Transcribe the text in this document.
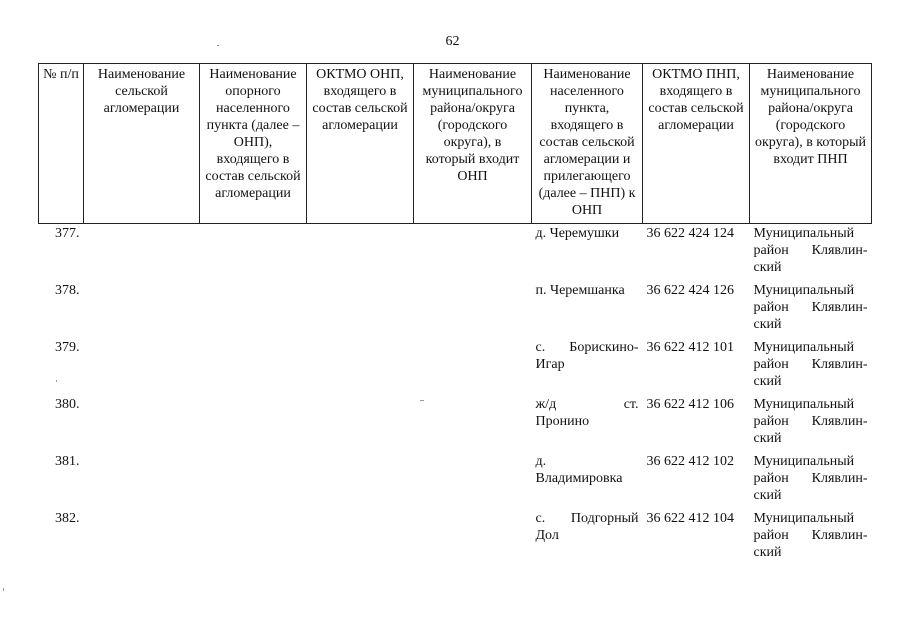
62
№ п/п	Наименование сельской агломерации	Наименование опорного населенного пункта (далее – ОНП), входящего в состав сельской агломерации	ОКТМО ОНП, входящего в состав сельской агломерации	Наименование муниципального района/округа (городского округа), в который входит ОНП	Наименование населенного пункта, входящего в состав сельской агломерации и прилегающего (далее – ПНП) к ОНП	ОКТМО ПНП, входящего в состав сельской агломерации	Наименование муниципального района/округа (городского округа), в который входит ПНП
377.					д. Черемушки	36 622 424 124	Муниципальный
район Клявлин-
ский

378.					п. Черемшанка	36 622 424 126	Муниципальный
район Клявлин-
ский

379.					с. Борискино-
Игар	36 622 412 101	Муниципальный
район Клявлин-
ский

380.					ж/д ст.
Пронино	36 622 412 106	Муниципальный
район Клявлин-
ский

381.					д.
Владимировка	36 622 412 102	Муниципальный
район Клявлин-
ский

382.					с. Подгорный
Дол	36 622 412 104	Муниципальный
район Клявлин-
ский
